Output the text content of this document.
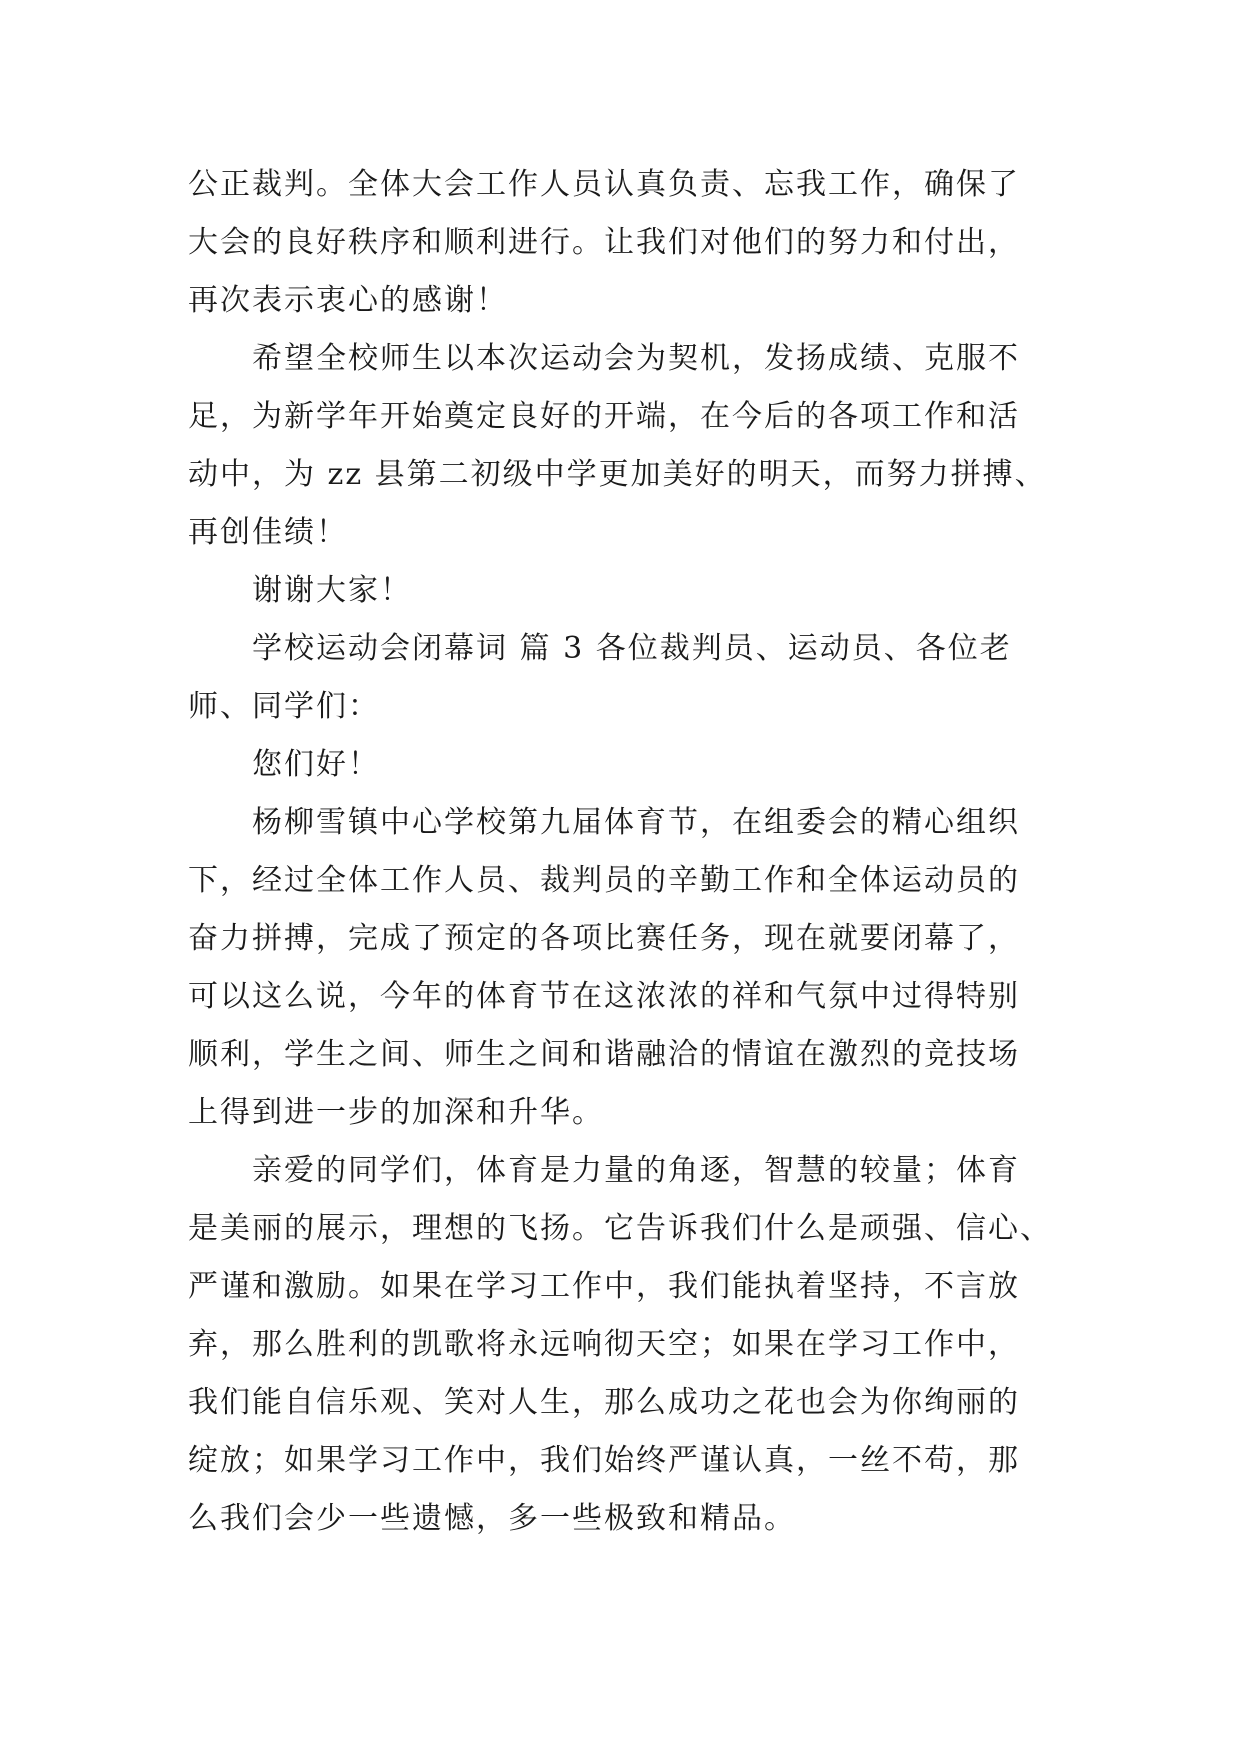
公正裁判。全体大会工作人员认真负责、忘我工作，确保了
大会的良好秩序和顺利进行。让我们对他们的努力和付出，
再次表示衷心的感谢！
希望全校师生以本次运动会为契机，发扬成绩、克服不
足，为新学年开始奠定良好的开端，在今后的各项工作和活
动中，为 zz 县第二初级中学更加美好的明天，而努力拼搏、
再创佳绩！
谢谢大家！
学校运动会闭幕词 篇 3 各位裁判员、运动员、各位老
师、同学们：
您们好！
杨柳雪镇中心学校第九届体育节，在组委会的精心组织
下，经过全体工作人员、裁判员的辛勤工作和全体运动员的
奋力拼搏，完成了预定的各项比赛任务，现在就要闭幕了，
可以这么说，今年的体育节在这浓浓的祥和气氛中过得特别
顺利，学生之间、师生之间和谐融洽的情谊在激烈的竞技场
上得到进一步的加深和升华。
亲爱的同学们，体育是力量的角逐，智慧的较量；体育
是美丽的展示，理想的飞扬。它告诉我们什么是顽强、信心、
严谨和激励。如果在学习工作中，我们能执着坚持，不言放
弃，那么胜利的凯歌将永远响彻天空；如果在学习工作中，
我们能自信乐观、笑对人生，那么成功之花也会为你绚丽的
绽放；如果学习工作中，我们始终严谨认真，一丝不苟，那
么我们会少一些遗憾，多一些极致和精品。
